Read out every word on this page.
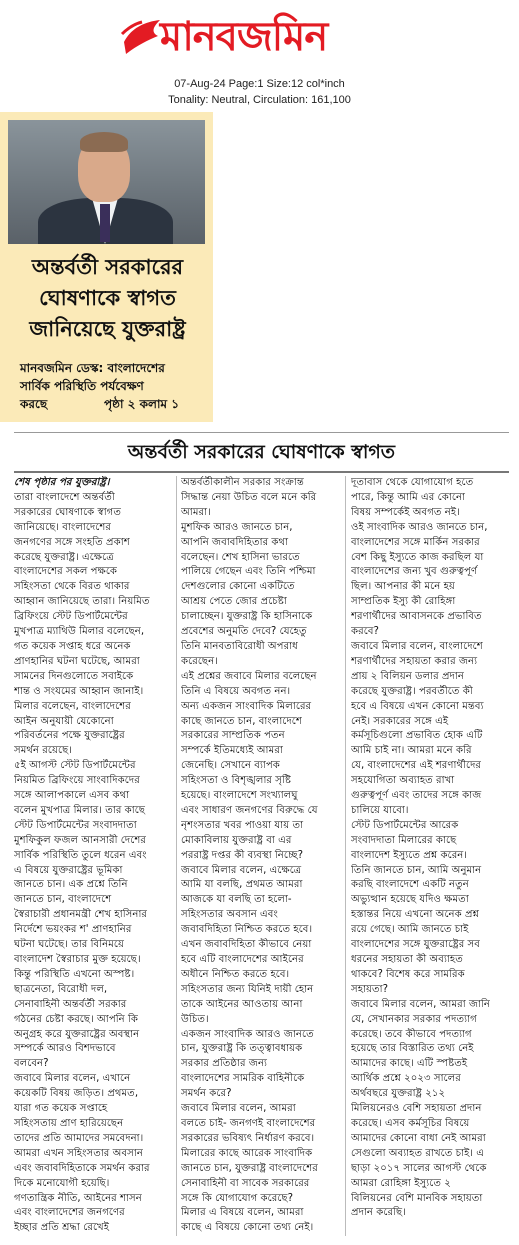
মানবজমিন
07-Aug-24 Page:1 Size:12 col*inch
Tonality: Neutral, Circulation: 161,100
অন্তর্বর্তী সরকারের
ঘোষণাকে স্বাগত
জানিয়েছে যুক্তরাষ্ট্র
মানবজমিন ডেস্ক: বাংলাদেশের
সার্বিক পরিস্থিতি পর্যবেক্ষণ
করছে	পৃষ্ঠা ২ কলাম ১
অন্তর্বর্তী সরকারের ঘোষণাকে স্বাগত
শেষ পৃষ্ঠার পর যুক্তরাষ্ট্র।
তারা বাংলাদেশে অন্তর্বর্তী
সরকারের ঘোষণাকে স্বাগত
জানিয়েছে। বাংলাদেশের
জনগণের সঙ্গে সংহতি প্রকাশ
করেছে যুক্তরাষ্ট্র। এক্ষেত্রে
বাংলাদেশের সকল পক্ষকে
সহিংসতা থেকে বিরত থাকার
আহ্বান জানিয়েছে তারা। নিয়মিত
ব্রিফিংয়ে স্টেট ডিপার্টমেন্টের
মুখপাত্র ম্যাথিউ মিলার বলেছেন,
গত কয়েক সপ্তাহ ধরে অনেক
প্রাণহানির ঘটনা ঘটেছে, আমরা
সামনের দিনগুলোতে সবাইকে
শান্ত ও সংযমের আহ্বান জানাই।
মিলার বলেছেন, বাংলাদেশের
আইন অনুযায়ী যেকোনো
পরিবর্তনের পক্ষে যুক্তরাষ্ট্রের
সমর্থন রয়েছে।
৫ই আগস্ট স্টেট ডিপার্টমেন্টের
নিয়মিত ব্রিফিংয়ে সাংবাদিকদের
সঙ্গে আলাপকালে এসব কথা
বলেন মুখপাত্র মিলার। তার কাছে
স্টেট ডিপার্টমেন্টের সংবাদদাতা
মুশফিকুল ফজল আনসারী দেশের
সার্বিক পরিস্থিতি তুলে ধরেন এবং
এ বিষয়ে যুক্তরাষ্ট্রের ভূমিকা
জানতে চান। এক প্রশ্নে তিনি
জানতে চান, বাংলাদেশে
স্বৈরাচারী প্রধানমন্ত্রী শেখ হাসিনার
নির্দেশে ভয়ংকর শ' প্রাণহানির
ঘটনা ঘটেছে। তার বিনিময়ে
বাংলাদেশ স্বৈরাচার মুক্ত হয়েছে।
কিন্তু পরিস্থিতি এখনো অস্পষ্ট।
ছাত্রনেতা, বিরোধী দল,
সেনাবাহিনী অন্তর্বর্তী সরকার
গঠনের চেষ্টা করছে। আপনি কি
অনুগ্রহ করে যুক্তরাষ্ট্রের অবস্থান
সম্পর্কে আরও বিশদভাবে
বলবেন?
জবাবে মিলার বলেন, এখানে
কয়েকটি বিষয় জড়িত। প্রথমত,
যারা গত কয়েক সপ্তাহে
সহিংসতায় প্রাণ হারিয়েছেন
তাদের প্রতি আমাদের সমবেদনা।
আমরা এখন সহিংসতার অবসান
এবং জবাবদিহিতাকে সমর্থন করার
দিকে মনোযোগী হয়েছি।
গণতান্ত্রিক নীতি, আইনের শাসন
এবং বাংলাদেশের জনগণের
ইচ্ছার প্রতি শ্রদ্ধা রেখেই
অন্তর্বর্তীকালীন সরকার সংক্রান্ত
সিদ্ধান্ত নেয়া উচিত বলে মনে করি
আমরা।
মুশফিক আরও জানতে চান,
আপনি জবাবদিহিতার কথা
বলেছেন। শেখ হাসিনা ভারতে
পালিয়ে গেছেন এবং তিনি পশ্চিমা
দেশগুলোর কোনো একটিতে
আশ্রয় পেতে জোর প্রচেষ্টা
চালাচ্ছেন। যুক্তরাষ্ট্র কি হাসিনাকে
প্রবেশের অনুমতি দেবে? যেহেতু
তিনি মানবতাবিরোধী অপরাধ
করেছেন।
এই প্রশ্নের জবাবে মিলার বলেছেন
তিনি এ বিষয়ে অবগত নন।
অন্য একজন সাংবাদিক মিলারের
কাছে জানতে চান, বাংলাদেশে
সরকারের সাম্প্রতিক পতন
সম্পর্কে ইতিমধ্যেই আমরা
জেনেছি। সেখানে ব্যাপক
সহিংসতা ও বিশৃঙ্খলার সৃষ্টি
হয়েছে। বাংলাদেশে সংখ্যালঘু
এবং সাধারণ জনগণের বিরুদ্ধে যে
নৃশংসতার খবর পাওয়া যায় তা
মোকাবিলায় যুক্তরাষ্ট্র বা এর
পররাষ্ট্র দপ্তর কী ব্যবস্থা নিচ্ছে?
জবাবে মিলার বলেন, এক্ষেত্রে
আমি যা বলছি, প্রথমত আমরা
আজকে যা বলছি তা হলো-
সহিংসতার অবসান এবং
জবাবদিহিতা নিশ্চিত করতে হবে।
এখন জবাবদিহিতা কীভাবে নেয়া
হবে এটি বাংলাদেশের আইনের
অধীনে নিশ্চিত করতে হবে।
সহিংসতার জন্য যিনিই দায়ী হোন
তাকে আইনের আওতায় আনা
উচিত।
একজন সাংবাদিক আরও জানতে
চান, যুক্তরাষ্ট্র কি তত্ত্বাবধায়ক
সরকার প্রতিষ্ঠার জন্য
বাংলাদেশের সামরিক বাহিনীকে
সমর্থন করে?
জবাবে মিলার বলেন, আমরা
বলতে চাই- জনগণই বাংলাদেশের
সরকারের ভবিষ্যৎ নির্ধারণ করবে।
মিলারের কাছে আরেক সাংবাদিক
জানতে চান, যুক্তরাষ্ট্র বাংলাদেশের
সেনাবাহিনী বা সাবেক সরকারের
সঙ্গে কি যোগাযোগ করেছে?
মিলার এ বিষয়ে বলেন, আমরা
কাছে এ বিষয়ে কোনো তথ্য নেই।
দূতাবাস থেকে যোগাযোগ হতে
পারে, কিন্তু আমি এর কোনো
বিষয় সম্পর্কেই অবগত নই।
ওই সাংবাদিক আরও জানতে চান,
বাংলাদেশের সঙ্গে মার্কিন সরকার
বেশ কিছু ইস্যুতে কাজ করছিল যা
বাংলাদেশের জন্য খুব গুরুত্বপূর্ণ
ছিল। আপনার কী মনে হয়
সাম্প্রতিক ইস্যু কী রোহিঙ্গা
শরণার্থীদের আবাসনকে প্রভাবিত
করবে?
জবাবে মিলার বলেন, বাংলাদেশে
শরণার্থীদের সহায়তা করার জন্য
প্রায় ২ বিলিয়ন ডলার প্রদান
করেছে যুক্তরাষ্ট্র। পরবর্তীতে কী
হবে এ বিষয়ে এখন কোনো মন্তব্য
নেই। সরকারের সঙ্গে এই
কর্মসূচিগুলো প্রভাবিত হোক এটি
আমি চাই না। আমরা মনে করি
যে, বাংলাদেশের এই শরণার্থীদের
সহযোগিতা অব্যাহত রাখা
গুরুত্বপূর্ণ এবং তাদের সঙ্গে কাজ
চালিয়ে যাবো।
স্টেট ডিপার্টমেন্টের আরেক
সংবাদদাতা মিলারের কাছে
বাংলাদেশ ইস্যুতে প্রশ্ন করেন।
তিনি জানতে চান, আমি অনুমান
করছি বাংলাদেশে একটি নতুন
অভ্যুত্থান হয়েছে যদিও ক্ষমতা
হস্তান্তর নিয়ে এখনো অনেক প্রশ্ন
রয়ে গেছে। আমি জানতে চাই
বাংলাদেশের সঙ্গে যুক্তরাষ্ট্রের সব
ধরনের সহায়তা কী অব্যাহত
থাকবে? বিশেষ করে সামরিক
সহায়তা?
জবাবে মিলার বলেন, আমরা জানি
যে, সেখানকার সরকার পদত্যাগ
করেছে। তবে কীভাবে পদত্যাগ
হয়েছে তার বিস্তারিত তথ্য নেই
আমাদের কাছে। এটি স্পষ্টতই
আর্থিক প্রশ্নে ২০২৩ সালের
অর্থবছরে যুক্তরাষ্ট্র ২১২
মিলিয়নেরও বেশি সহায়তা প্রদান
করেছে। এসব কর্মসূচির বিষয়ে
আমাদের কোনো বাধা নেই আমরা
সেগুলো অব্যাহত রাখতে চাই। এ
ছাড়া ২০১৭ সালের আগস্ট থেকে
আমরা রোহিঙ্গা ইস্যুতে ২
বিলিয়নের বেশি মানবিক সহায়তা
প্রদান করেছি।
